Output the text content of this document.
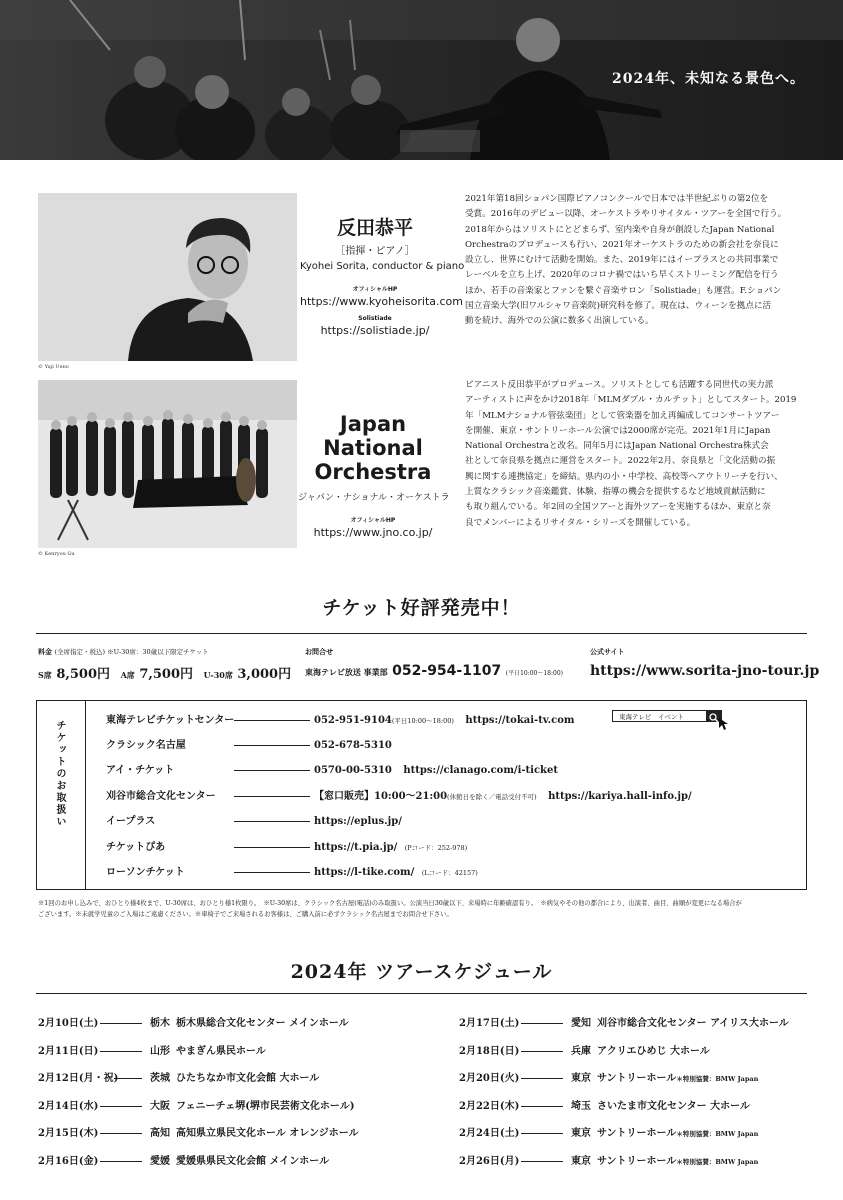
2024年、未知なる景色へ。
© Yuji Ueno
反田恭平
［指揮・ピアノ］
Kyohei Sorita, conductor & piano
オフィシャルHP
https://www.kyoheisorita.com
Solistiade
https://solistiade.jp/
2021年第18回ショパン国際ピアノコンクールで日本では半世紀ぶりの第2位を
受賞。2016年のデビュー以降、オーケストラやリサイタル・ツアーを全国で行う。
2018年からはソリストにとどまらず、室内楽や自身が創設したJapan National
Orchestraのプロデュースも行い、2021年オーケストラのための新会社を奈良に
設立し、世界にむけて活動を開始。また、2019年にはイープラスとの共同事業で
レーベルを立ち上げ、2020年のコロナ禍ではいち早くストリーミング配信を行う
ほか、若手の音楽家とファンを繋ぐ音楽サロン「Solistiade」も運営。F.ショパン
国立音楽大学(旧ワルシャワ音楽院)研究科を修了。現在は、ウィーンを拠点に活
動を続け、海外での公演に数多く出演している。
© Kenryou Gu
Japan National
Orchestra
ジャパン・ナショナル・オーケストラ
オフィシャルHP
https://www.jno.co.jp/
ピアニスト反田恭平がプロデュース。ソリストとしても活躍する同世代の実力派
アーティストに声をかけ2018年「MLMダブル・カルテット」としてスタート。2019
年「MLMナショナル管弦楽団」として管楽器を加え再編成してコンサートツアー
を開催、東京・サントリーホール公演では2000席が完売。2021年1月にJapan
National Orchestraと改名。同年5月にはJapan National Orchestra株式会
社として奈良県を拠点に運営をスタート。2022年2月、奈良県と「文化活動の振
興に関する連携協定」を締結。県内の小・中学校、高校等へアウトリーチを行い、
上質なクラシック音楽鑑賞、体験、指導の機会を提供するなど地域貢献活動に
も取り組んでいる。年2回の全国ツアーと海外ツアーを実施するほか、東京と奈
良でメンバーによるリサイタル・シリーズを開催している。
チケット好評発売中！
料金 (全席指定・税込) ※U-30席：30歳以下限定チケット
S席 8,500円 A席 7,500円 U-30席 3,000円
お問合せ
東海テレビ放送 事業部 052-954-1107 (平日10:00〜18:00)
公式サイト
https://www.sorita-jno-tour.jp
チケットのお取扱い	東海テレビチケットセンター	052-951-9104(平日10:00〜18:00) https://tokai-tv.com	東海テレビ　イベント
クラシック名古屋	052-678-5310
アイ・チケット	0570-00-5310 https://clanago.com/i-ticket
刈谷市総合文化センター	【窓口販売】10:00〜21:00(休館日を除く／電話受付不可) https://kariya.hall-info.jp/
イープラス	https://eplus.jp/
チケットぴあ	https://t.pia.jp/ (Pコード：252-978)
ローソンチケット	https://l-tike.com/ (Lコード：42157)
※1回のお申し込みで、おひとり様4枚まで、U-30席は、おひとり様1枚限り。　※U-30席は、クラシック名古屋(電話)のみ取扱い。公演当日30歳以下、来場時に年齢確認有り。　※病気やその他の都合により、出演者、曲目、曲順が変更になる場合が
ございます。※未就学児童のご入場はご遠慮ください。※車椅子でご来場されるお客様は、ご購入前に必ずクラシック名古屋までお問合せ下さい。
2024年 ツアースケジュール
2月10日(土)	栃木 栃木県総合文化センター メインホール
2月11日(日)	山形 やまぎん県民ホール
2月12日(月・祝)	茨城 ひたちなか市文化会館 大ホール
2月14日(水)	大阪 フェニーチェ堺(堺市民芸術文化ホール)
2月15日(木)	高知 高知県立県民文化ホール オレンジホール
2月16日(金)	愛媛 愛媛県県民文化会館 メインホール
2月17日(土)	愛知 刈谷市総合文化センター アイリス大ホール
2月18日(日)	兵庫 アクリエひめじ 大ホール
2月20日(火)	東京 サントリーホール＊特別協賛：BMW Japan
2月22日(木)	埼玉 さいたま市文化センター 大ホール
2月24日(土)	東京 サントリーホール＊特別協賛：BMW Japan
2月26日(月)	東京 サントリーホール＊特別協賛：BMW Japan
